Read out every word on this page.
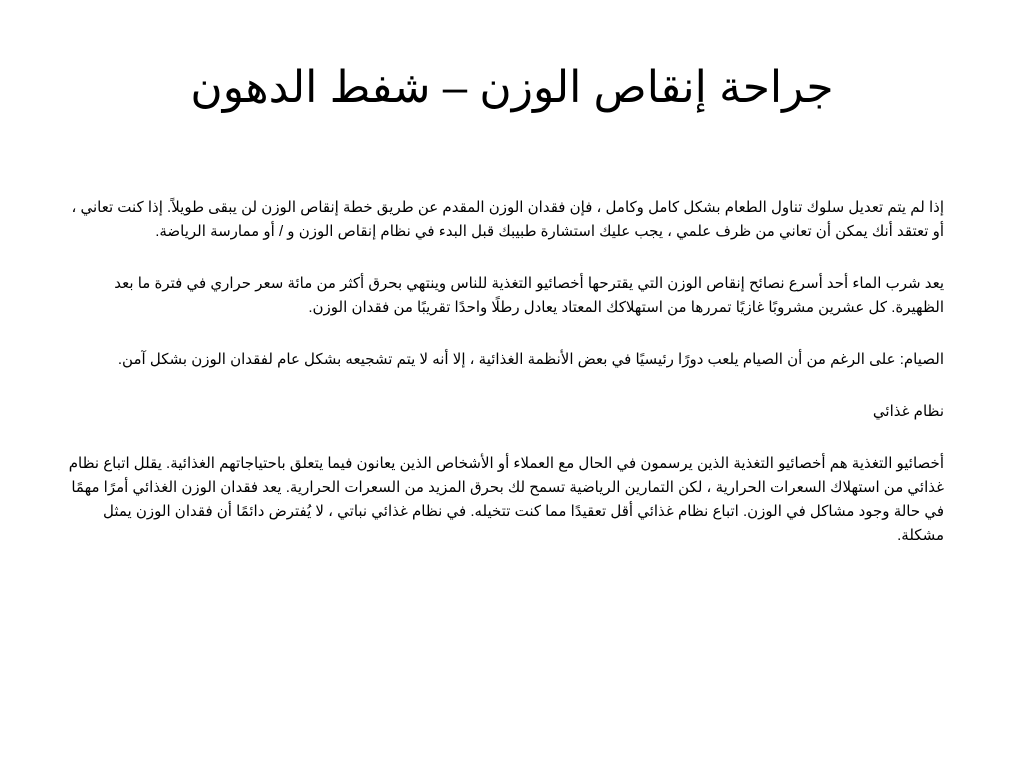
جراحة إنقاص الوزن – شفط الدهون

إذا لم يتم تعديل سلوك تناول الطعام بشكل كامل وكامل ، فإن فقدان الوزن المقدم عن طريق خطة إنقاص الوزن لن يبقى طويلاً. إذا كنت تعاني ، أو تعتقد أنك يمكن أن تعاني من ظرف علمي ، يجب عليك استشارة طبيبك قبل البدء في نظام إنقاص الوزن و / أو ممارسة الرياضة.

يعد شرب الماء أحد أسرع نصائح إنقاص الوزن التي يقترحها أخصائيو التغذية للناس وينتهي بحرق أكثر من مائة سعر حراري في فترة ما بعد الظهيرة. كل عشرين مشروبًا غازيًا تمررها من استهلاكك المعتاد يعادل رطلًا واحدًا تقريبًا من فقدان الوزن.

الصيام: على الرغم من أن الصيام يلعب دورًا رئيسيًا في بعض الأنظمة الغذائية ، إلا أنه لا يتم تشجيعه بشكل عام لفقدان الوزن بشكل آمن.

نظام غذائي

أخصائيو التغذية هم أخصائيو التغذية الذين يرسمون في الحال مع العملاء أو الأشخاص الذين يعانون فيما يتعلق باحتياجاتهم الغذائية. يقلل اتباع نظام غذائي من استهلاك السعرات الحرارية ، لكن التمارين الرياضية تسمح لك بحرق المزيد من السعرات الحرارية. يعد فقدان الوزن الغذائي أمرًا مهمًا في حالة وجود مشاكل في الوزن. اتباع نظام غذائي أقل تعقيدًا مما كنت تتخيله. في نظام غذائي نباتي ، لا يُفترض دائمًا أن فقدان الوزن يمثل مشكلة.
